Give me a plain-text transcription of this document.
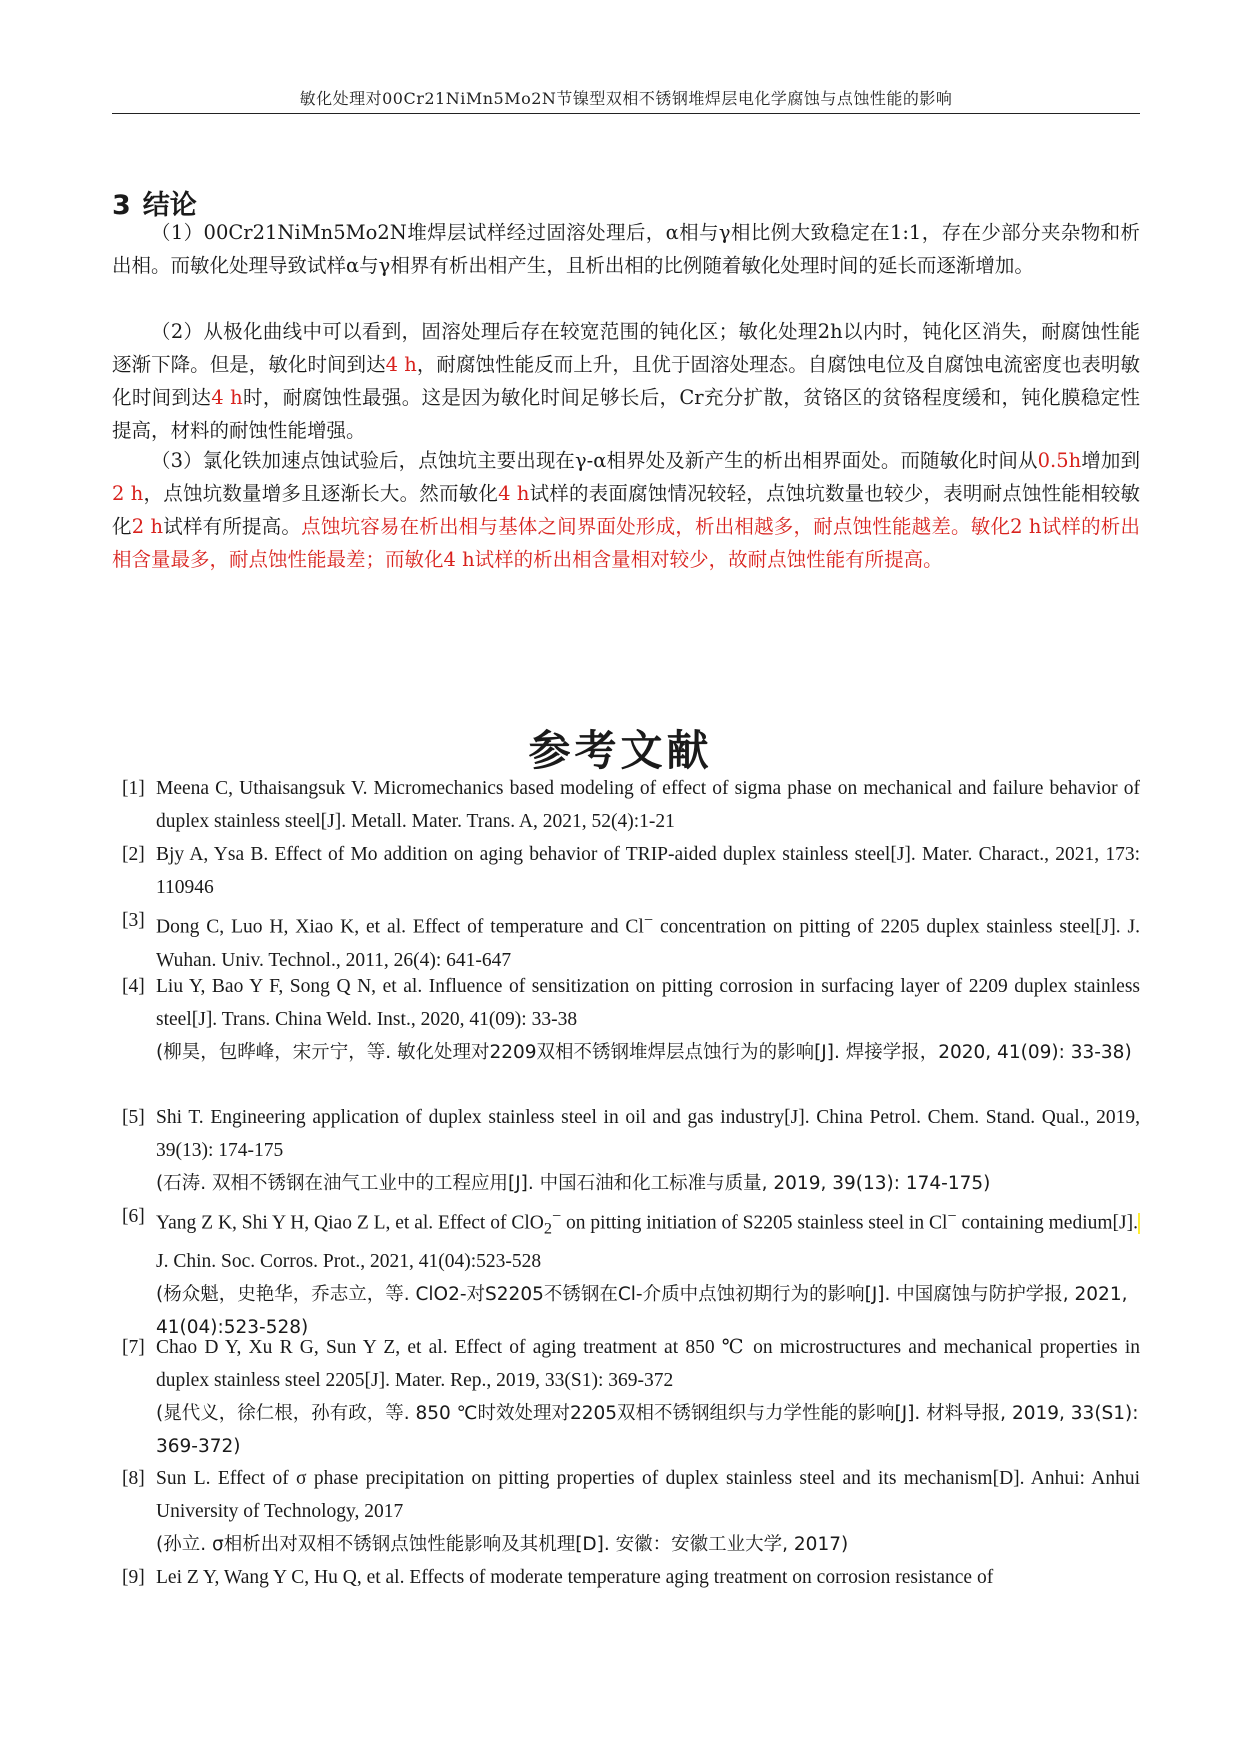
敏化处理对00Cr21NiMn5Mo2N节镍型双相不锈钢堆焊层电化学腐蚀与点蚀性能的影响
3 结论
（1）00Cr21NiMn5Mo2N堆焊层试样经过固溶处理后，α相与γ相比例大致稳定在1:1，存在少部分夹杂物和析出相。而敏化处理导致试样α与γ相界有析出相产生，且析出相的比例随着敏化处理时间的延长而逐渐增加。
（2）从极化曲线中可以看到，固溶处理后存在较宽范围的钝化区；敏化处理2h以内时，钝化区消失，耐腐蚀性能逐渐下降。但是，敏化时间到达4 h，耐腐蚀性能反而上升，且优于固溶处理态。自腐蚀电位及自腐蚀电流密度也表明敏化时间到达4 h时，耐腐蚀性最强。这是因为敏化时间足够长后，Cr充分扩散，贫铬区的贫铬程度缓和，钝化膜稳定性提高，材料的耐蚀性能增强。
（3）氯化铁加速点蚀试验后，点蚀坑主要出现在γ-α相界处及新产生的析出相界面处。而随敏化时间从0.5h增加到2 h，点蚀坑数量增多且逐渐长大。然而敏化4 h试样的表面腐蚀情况较轻，点蚀坑数量也较少，表明耐点蚀性能相较敏化2 h试样有所提高。点蚀坑容易在析出相与基体之间界面处形成，析出相越多，耐点蚀性能越差。敏化2 h试样的析出相含量最多，耐点蚀性能最差；而敏化4 h试样的析出相含量相对较少，故耐点蚀性能有所提高。
参考文献
[1] Meena C, Uthaisangsuk V. Micromechanics based modeling of effect of sigma phase on mechanical and failure behavior of duplex stainless steel[J]. Metall. Mater. Trans. A, 2021, 52(4):1-21
[2] Bjy A, Ysa B. Effect of Mo addition on aging behavior of TRIP-aided duplex stainless steel[J]. Mater. Charact., 2021, 173: 110946
[3] Dong C, Luo H, Xiao K, et al. Effect of temperature and Cl− concentration on pitting of 2205 duplex stainless steel[J]. J. Wuhan. Univ. Technol., 2011, 26(4): 641-647
[4] Liu Y, Bao Y F, Song Q N, et al. Influence of sensitization on pitting corrosion in surfacing layer of 2209 duplex stainless steel[J]. Trans. China Weld. Inst., 2020, 41(09): 33-38
(柳昊，包晔峰，宋亓宁，等. 敏化处理对2209双相不锈钢堆焊层点蚀行为的影响[J]. 焊接学报，2020, 41(09): 33-38)
[5] Shi T. Engineering application of duplex stainless steel in oil and gas industry[J]. China Petrol. Chem. Stand. Qual., 2019, 39(13): 174-175
(石涛. 双相不锈钢在油气工业中的工程应用[J]. 中国石油和化工标准与质量, 2019, 39(13): 174-175)
[6] Yang Z K, Shi Y H, Qiao Z L, et al. Effect of ClO$_2$− on pitting initiation of S2205 stainless steel in Cl− containing medium[J]. J. Chin. Soc. Corros. Prot., 2021, 41(04):523-528
(杨众魁，史艳华，乔志立，等. ClO2-对S2205不锈钢在Cl-介质中点蚀初期行为的影响[J]. 中国腐蚀与防护学报, 2021, 41(04):523-528)
[7] Chao D Y, Xu R G, Sun Y Z, et al. Effect of aging treatment at 850 ℃ on microstructures and mechanical properties in duplex stainless steel 2205[J]. Mater. Rep., 2019, 33(S1): 369-372
(晁代义，徐仁根，孙有政，等. 850 ℃时效处理对2205双相不锈钢组织与力学性能的影响[J]. 材料导报, 2019, 33(S1): 369-372)
[8] Sun L. Effect of σ phase precipitation on pitting properties of duplex stainless steel and its mechanism[D]. Anhui: Anhui University of Technology, 2017
(孙立. σ相析出对双相不锈钢点蚀性能影响及其机理[D]. 安徽：安徽工业大学, 2017)
[9] Lei Z Y, Wang Y C, Hu Q, et al. Effects of moderate temperature aging treatment on corrosion resistance of
